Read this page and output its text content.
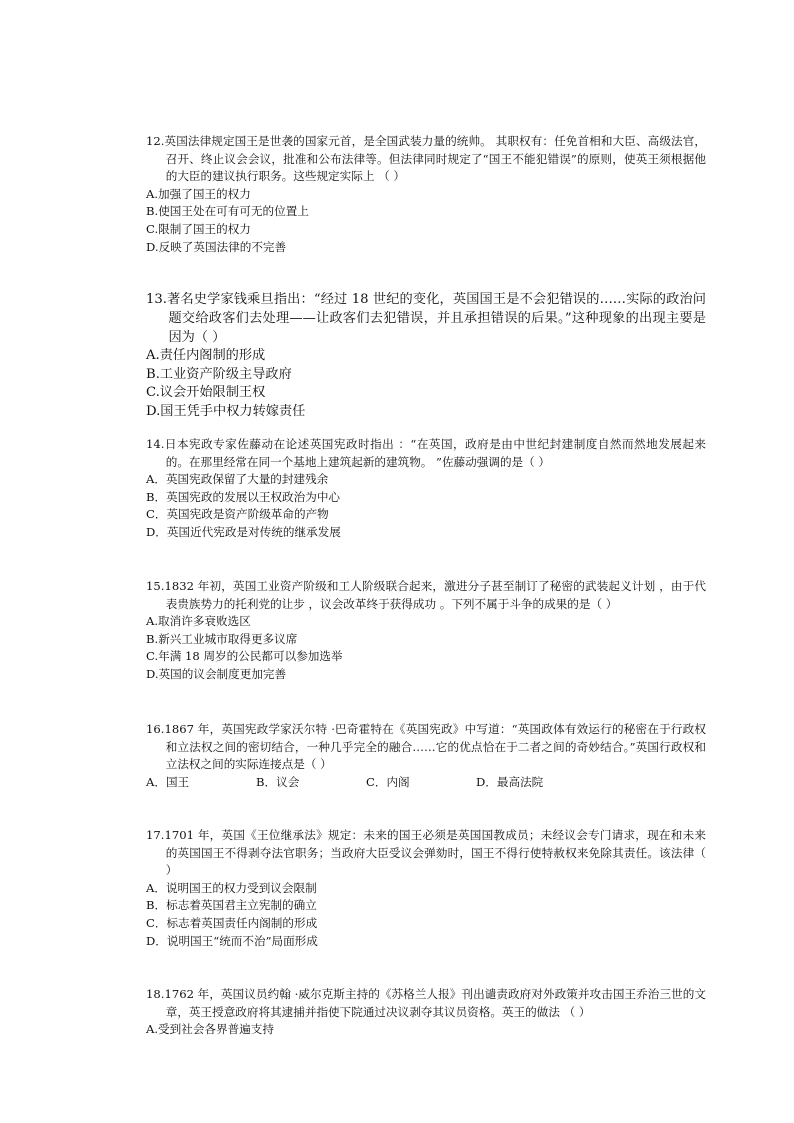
12.英国法律规定国王是世袭的国家元首，是全国武装力量的统帅。 其职权有：任免首相和大臣、高级法官，召开、终止议会会议，批准和公布法律等。但法律同时规定了“国王不能犯错误”的原则，使英王须根据他的大臣的建议执行职务。这些规定实际上 （ ）

A.加强了国王的权力

B.使国王处在可有可无的位置上

C.限制了国王的权力

D.反映了英国法律的不完善

13.著名史学家钱乘旦指出：“经过 18 世纪的变化，英国国王是不会犯错误的……实际的政治问题交给政客们去处理——让政客们去犯错误，并且承担错误的后果。”这种现象的出现主要是因为（ ）

A.责任内阁制的形成

B.工业资产阶级主导政府

C.议会开始限制王权

D.国王凭手中权力转嫁责任

14.日本宪政专家佐藤动在论述英国宪政时指出 ：“在英国，政府是由中世纪封建制度自然而然地发展起来的。在那里经常在同一个基地上建筑起新的建筑物。 ”佐藤动强调的是（ ）

A．英国宪政保留了大量的封建残余

B．英国宪政的发展以王权政治为中心

C．英国宪政是资产阶级革命的产物

D．英国近代宪政是对传统的继承发展

15.1832 年初，英国工业资产阶级和工人阶级联合起来，激进分子甚至制订了秘密的武装起义计划 ，由于代表贵族势力的托利党的让步 ，议会改革终于获得成功 。下列不属于斗争的成果的是（ ）

A.取消许多衰败选区

B.新兴工业城市取得更多议席

C.年满 18 周岁的公民都可以参加选举

D.英国的议会制度更加完善

16.1867 年，英国宪政学家沃尔特 ·巴奇霍特在《英国宪政》中写道：“英国政体有效运行的秘密在于行政权和立法权之间的密切结合，一种几乎完全的融合……它的优点恰在于二者之间的奇妙结合。”英国行政权和立法权之间的实际连接点是（ ）

A．国王	B．议会	C．内阁	D．最高法院

17.1701 年，英国《王位继承法》规定：未来的国王必须是英国国教成员；未经议会专门请求，现在和未来的英国国王不得剥夺法官职务；当政府大臣受议会弹劾时，国王不得行使特赦权来免除其责任。该法律（ ）

A．说明国王的权力受到议会限制

B．标志着英国君主立宪制的确立

C．标志着英国责任内阁制的形成

D．说明国王“统而不治”局面形成

18.1762 年，英国议员约翰 ·威尔克斯主持的《苏格兰人报》刊出谴责政府对外政策并攻击国王乔治三世的文章，英王授意政府将其逮捕并指使下院通过决议剥夺其议员资格。英王的做法 （ ）

A.受到社会各界普遍支持
